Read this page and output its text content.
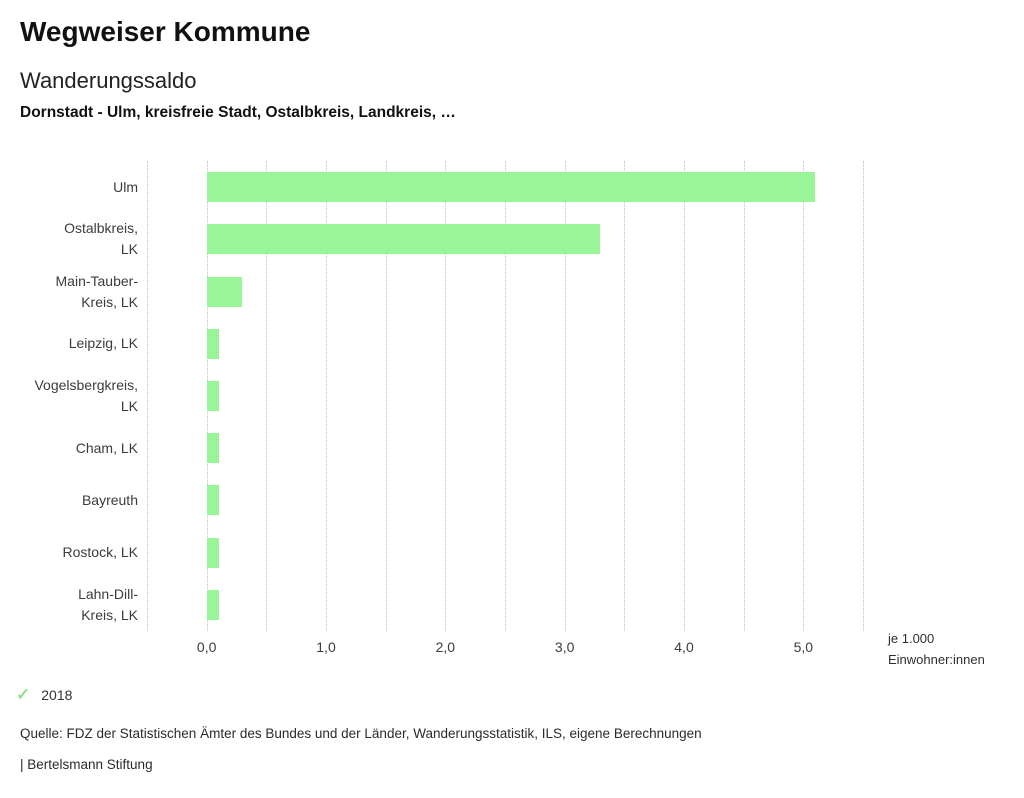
Wegweiser Kommune
Wanderungssaldo
Dornstadt - Ulm, kreisfreie Stadt, Ostalbkreis, Landkreis, …
Ulm
Ostalbkreis,
LK
Main-Tauber-
Kreis, LK
Leipzig, LK
Vogelsbergkreis,
LK
Cham, LK
Bayreuth
Rostock, LK
Lahn-Dill-
Kreis, LK
0,0	1,0	2,0	3,0	4,0	5,0
je 1.000
Einwohner:innen
✓ 2018
Quelle: FDZ der Statistischen Ämter des Bundes und der Länder, Wanderungsstatistik, ILS, eigene Berechnungen
| Bertelsmann Stiftung
